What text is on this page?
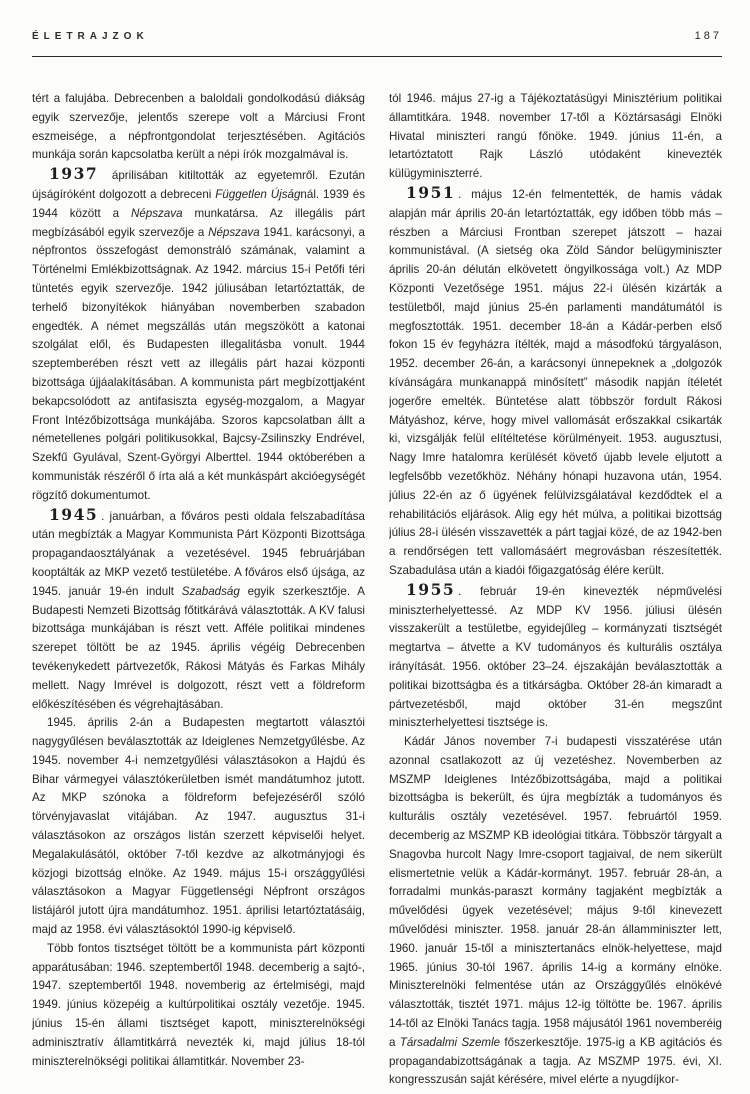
ÉLETRAJZOK	187

tért a falujába. Debrecenben a baloldali gondolkodású diákság egyik szervezője, jelentős szerepe volt a Márciusi Front eszmeisége, a népfrontgondolat terjesztésében. Agitációs munkája során kapcsolatba került a népi írók mozgalmával is.

1937 áprilisában kitiltották az egyetemről. Ezután újságíróként dolgozott a debreceni Független Újságnál. 1939 és 1944 között a Népszava munkatársa. Az illegális párt megbízásából egyik szervezője a Népszava 1941. karácsonyi, a népfrontos összefogást demonstráló számának, valamint a Történelmi Emlékbizottságnak. Az 1942. március 15-i Petőfi téri tüntetés egyik szervezője. 1942 júliusában letartóztatták, de terhelő bizonyítékok hiányában novemberben szabadon engedték. A német megszállás után megszökött a katonai szolgálat elől, és Budapesten illegalitásba vonult. 1944 szeptemberében részt vett az illegális párt hazai központi bizottsága újjáalakításában. A kommunista párt megbízottjaként bekapcsolódott az antifasiszta egység-mozgalom, a Magyar Front Intézőbizottsága munkájába. Szoros kapcsolatban állt a németellenes polgári politikusokkal, Bajcsy-Zsilinszky Endrével, Szekfű Gyulával, Szent-Györgyi Alberttel. 1944 októberében a kommunisták részéről ő írta alá a két munkáspárt akcióegységét rögzítő dokumentumot.

1945 . januárban, a főváros pesti oldala felszabadítása után megbízták a Magyar Kommunista Párt Központi Bizottsága propagandaosztályának a vezetésével. 1945 februárjában kooptálták az MKP vezető testületébe. A főváros első újsága, az 1945. január 19-én indult Szabadság egyik szerkesztője. A Budapesti Nemzeti Bizottság főtitkárává választották. A KV falusi bizottsága munkájában is részt vett. Afféle politikai mindenes szerepet töltött be az 1945. április végéig Debrecenben tevékenykedett pártvezetők, Rákosi Mátyás és Farkas Mihály mellett. Nagy Imrével is dolgozott, részt vett a földreform előkészítésében és végrehajtásában.

1945. április 2-án a Budapesten megtartott választói nagygyűlésen beválasztották az Ideiglenes Nemzetgyűlésbe. Az 1945. november 4-i nemzetgyűlési választásokon a Hajdú és Bihar vármegyei választókerületben ismét mandátumhoz jutott. Az MKP szónoka a földreform befejezéséről szóló törvényjavaslat vitájában. Az 1947. augusztus 31-i választásokon az országos listán szerzett képviselői helyet. Megalakulásától, október 7-től kezdve az alkotmányjogi és közjogi bizottság elnöke. Az 1949. május 15-i országgyűlési választásokon a Magyar Függetlenségi Népfront országos listájáról jutott újra mandátumhoz. 1951. áprilisi letartóztatásáig, majd az 1958. évi választásoktól 1990-ig képviselő.

Több fontos tisztséget töltött be a kommunista párt központi apparátusában: 1946. szeptembertől 1948. decemberig a sajtó-, 1947. szeptembertől 1948. novemberig az értelmiségi, majd 1949. június közepéig a kultúrpolitikai osztály vezetője. 1945. június 15-én állami tisztséget kapott, miniszterelnökségi adminisztratív államtitkárrá nevezték ki, majd július 18-tól miniszterelnökségi politikai államtitkár. November 23-

tól 1946. május 27-ig a Tájékoztatásügyi Minisztérium politikai államtitkára. 1948. november 17-től a Köztársasági Elnöki Hivatal miniszteri rangú főnöke. 1949. június 11-én, a letartóztatott Rajk László utódaként kinevezték külügyminiszterré.

1951 . május 12-én felmentették, de hamis vádak alapján már április 20-án letartóztatták, egy időben több más – részben a Márciusi Frontban szerepet játszott – hazai kommunistával. (A sietség oka Zöld Sándor belügyminiszter április 20-án délután elkövetett öngyilkossága volt.) Az MDP Központi Vezetősége 1951. május 22-i ülésén kizárták a testületből, majd június 25-én parlamenti mandátumától is megfosztották. 1951. december 18-án a Kádár-perben első fokon 15 év fegyházra ítélték, majd a másodfokú tárgyaláson, 1952. december 26-án, a karácsonyi ünnepeknek a „dolgozók kívánságára munkanappá minősített” második napján ítéletét jogerőre emelték. Büntetése alatt többször fordult Rákosi Mátyáshoz, kérve, hogy mivel vallomását erőszakkal csikarták ki, vizsgálják felül elítéltetése körülményeit. 1953. augusztusi, Nagy Imre hatalomra kerülését követő újabb levele eljutott a legfelsőbb vezetőkhöz. Néhány hónapi huzavona után, 1954. július 22-én az ő ügyének felülvizsgálatával kezdődtek el a rehabilitációs eljárások. Alig egy hét múlva, a politikai bizottság július 28-i ülésén visszavették a párt tagjai közé, de az 1942-ben a rendőrségen tett vallomásáért megrovásban részesítették. Szabadulása után a kiadói főigazgatóság élére került.

1955 . február 19-én kinevezték népművelési miniszterhelyettessé. Az MDP KV 1956. júliusi ülésén visszakerült a testületbe, egyidejűleg – kormányzati tisztségét megtartva – átvette a KV tudományos és kulturális osztálya irányítását. 1956. október 23–24. éjszakáján beválasztották a politikai bizottságba és a titkárságba. Október 28-án kimaradt a pártvezetésből, majd október 31-én megszűnt miniszterhelyettesi tisztsége is.

Kádár János november 7-i budapesti visszatérése után azonnal csatlakozott az új vezetéshez. Novemberben az MSZMP Ideiglenes Intézőbizottságába, majd a politikai bizottságba is bekerült, és újra megbízták a tudományos és kulturális osztály vezetésével. 1957. februártól 1959. decemberig az MSZMP KB ideológiai titkára. Többször tárgyalt a Snagovba hurcolt Nagy Imre-csoport tagjaival, de nem sikerült elismertetnie velük a Kádár-kormányt. 1957. február 28-án, a forradalmi munkás-paraszt kormány tagjaként megbízták a művelődési ügyek vezetésével; május 9-től kinevezett művelődési miniszter. 1958. január 28-án államminiszter lett, 1960. január 15-től a minisztertanács elnök-helyettese, majd 1965. június 30-tól 1967. április 14-ig a kormány elnöke. Miniszterelnöki felmentése után az Országgyűlés elnökévé választották, tisztét 1971. május 12-ig töltötte be. 1967. április 14-től az Elnöki Tanács tagja. 1958 májusától 1961 novemberéig a Társadalmi Szemle főszerkesztője. 1975-ig a KB agitációs és propagandabizottságának a tagja. Az MSZMP 1975. évi, XI. kongresszusán saját kérésére, mivel elérte a nyugdíjkor-
